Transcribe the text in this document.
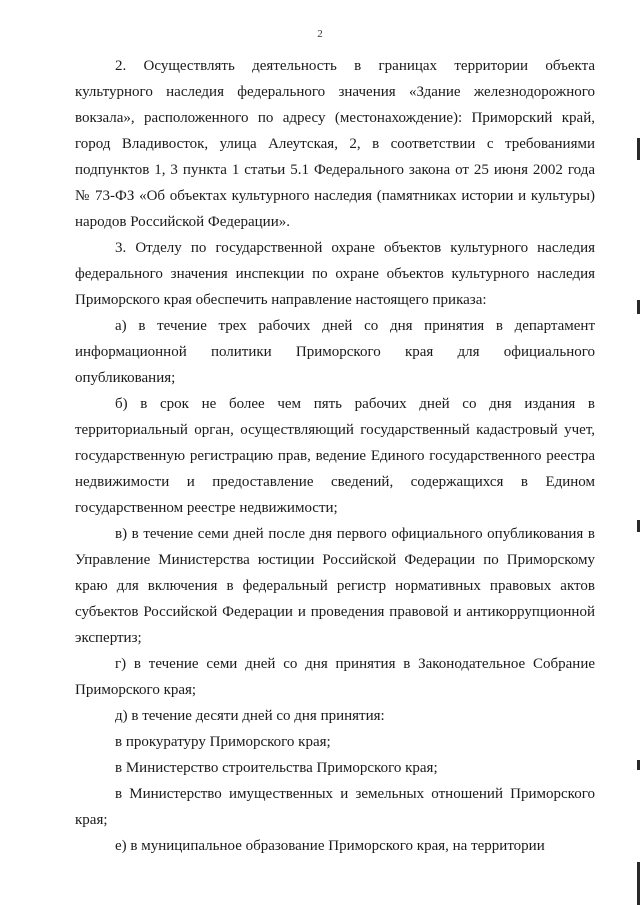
2

2. Осуществлять деятельность в границах территории объекта культурного наследия федерального значения «Здание железнодорожного вокзала», расположенного по адресу (местонахождение): Приморский край, город Владивосток, улица Алеутская, 2, в соответствии с требованиями подпунктов 1, 3 пункта 1 статьи 5.1 Федерального закона от 25 июня 2002 года № 73-ФЗ «Об объектах культурного наследия (памятниках истории и культуры) народов Российской Федерации».

3. Отделу по государственной охране объектов культурного наследия федерального значения инспекции по охране объектов культурного наследия Приморского края обеспечить направление настоящего приказа:

а) в течение трех рабочих дней со дня принятия в департамент информационной политики Приморского края для официального опубликования;

б) в срок не более чем пять рабочих дней со дня издания в территориальный орган, осуществляющий государственный кадастровый учет, государственную регистрацию прав, ведение Единого государственного реестра недвижимости и предоставление сведений, содержащихся в Едином государственном реестре недвижимости;

в) в течение семи дней после дня первого официального опубликования в Управление Министерства юстиции Российской Федерации по Приморскому краю для включения в федеральный регистр нормативных правовых актов субъектов Российской Федерации и проведения правовой и антикоррупционной экспертиз;

г) в течение семи дней со дня принятия в Законодательное Собрание Приморского края;

д) в течение десяти дней со дня принятия:

в прокуратуру Приморского края;

в Министерство строительства Приморского края;

в Министерство имущественных и земельных отношений Приморского края;

е) в муниципальное образование Приморского края, на территории
